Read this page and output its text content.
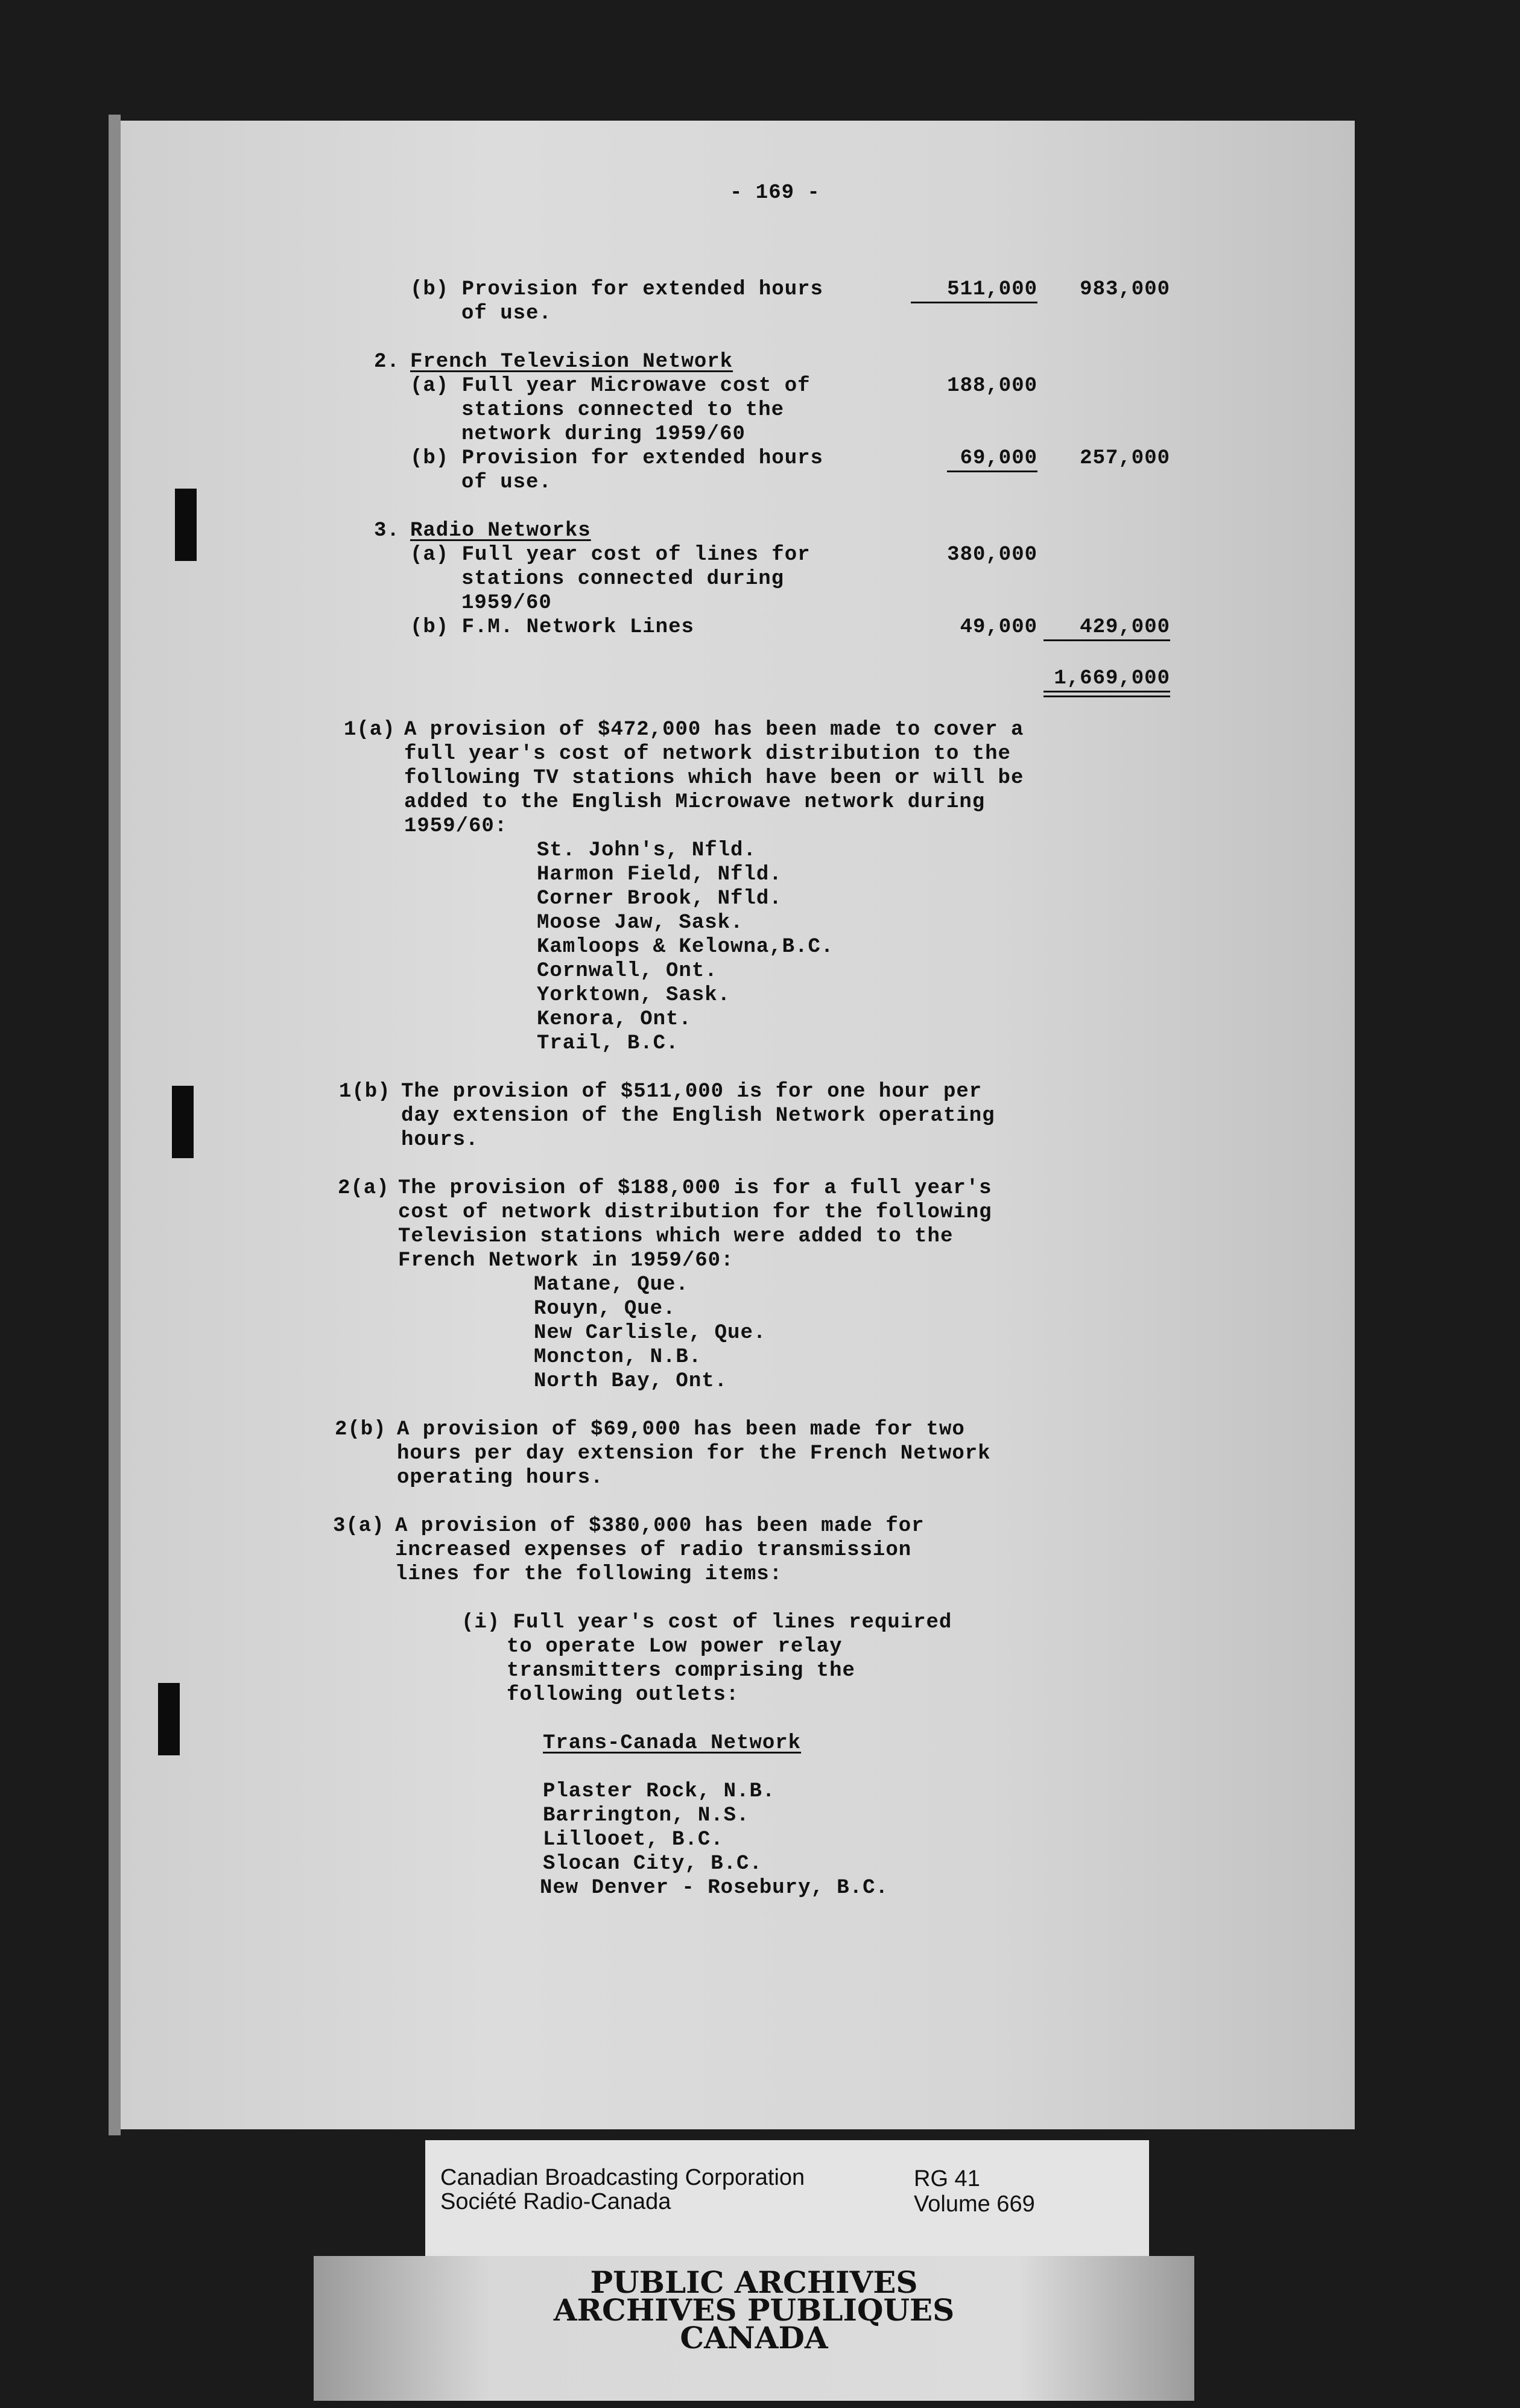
- 169 -
(b) Provision for extended hours
of use.
511,000	983,000
2. French Television Network
(a) Full year Microwave cost of
stations connected to the
network during 1959/60
188,000
(b) Provision for extended hours
of use.
69,000	257,000
3. Radio Networks
(a) Full year cost of lines for
stations connected during
1959/60
380,000
(b) F.M. Network Lines	49,000	429,000
1,669,000
1(a) A provision of $472,000 has been made to cover a
full year's cost of network distribution to the
following TV stations which have been or will be
added to the English Microwave network during
1959/60:
St. John's, Nfld.
Harmon Field, Nfld.
Corner Brook, Nfld.
Moose Jaw, Sask.
Kamloops & Kelowna,B.C.
Cornwall, Ont.
Yorktown, Sask.
Kenora, Ont.
Trail, B.C.
1(b) The provision of $511,000 is for one hour per
day extension of the English Network operating
hours.
2(a) The provision of $188,000 is for a full year's
cost of network distribution for the following
Television stations which were added to the
French Network in 1959/60:
Matane, Que.
Rouyn, Que.
New Carlisle, Que.
Moncton, N.B.
North Bay, Ont.
2(b) A provision of $69,000 has been made for two
hours per day extension for the French Network
operating hours.
3(a) A provision of $380,000 has been made for
increased expenses of radio transmission
lines for the following items:
(i) Full year's cost of lines required
to operate Low power relay
transmitters comprising the
following outlets:
Trans-Canada Network
Plaster Rock, N.B.
Barrington, N.S.
Lillooet, B.C.
Slocan City, B.C.
New Denver - Rosebury, B.C.
Canadian Broadcasting Corporation
Société Radio-Canada
RG 41
Volume 669
PUBLIC ARCHIVES
ARCHIVES PUBLIQUES
CANADA
